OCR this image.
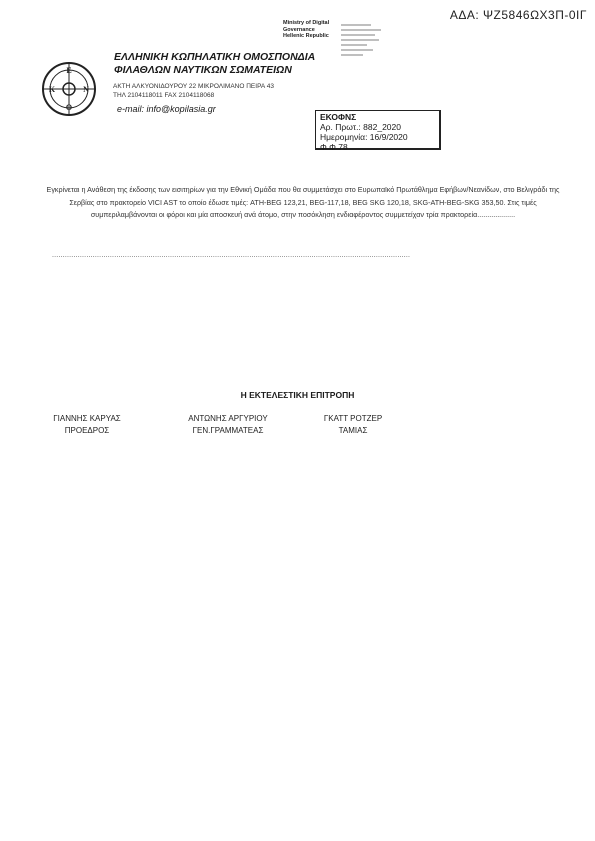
ΑΔΑ: ΨΖ5846ΩΧ3Π-0ΙΓ
Ministry of Digital
Governance
Hellenic Republic
Ε
Κ	Ν
Ο
ΕΛΛΗΝΙΚΗ ΚΩΠΗΛΑΤΙΚΗ ΟΜΟΣΠΟΝΔΙΑ
ΦΙΛΑΘΛΩΝ ΝΑΥΤΙΚΩΝ ΣΩΜΑΤΕΙΩΝ
ΑΚΤΗ ΑΛΚΥΟΝΙΔΟΥΡΟΥ 22 ΜΙΚΡΟΛΙΜΑΝΟ ΠΕΙΡΑ 43
ΤΗΛ 2104118011 FAX 2104118068
e-mail: info@kopilasia.gr
ΕΚΟΦΝΣ
Αρ. Πρωτ.: 882_2020
Ημερομηνία: 16/9/2020
Φ Φ 78
Εγκρίνεται η Ανάθεση της έκδοσης των εισιτηρίων για την Εθνική Ομάδα που θα συμμετάσχει στο Ευρωπαϊκό Πρωτάθλημα Εφήβων/Νεανίδων, στο Βελιγράδι της Σερβίας στο πρακτορείο VICI AST το οποίο έδωσε τιμές: ATH-BEG 123,21, BEG-117,18, BEG SKG 120,18, SKG-ATH-BEG-SKG 353,50. Στις τιμές συμπεριλαμβάνονται οι φόροι και μία αποσκευή ανά άτομο, στην ποσόκληση ενδιαφέροντος συμμετείχαν τρία πρακτορεία...................
.......................................................................................................................................................................
Η ΕΚΤΕΛΕΣΤΙΚΗ ΕΠΙΤΡΟΠΗ
ΓΙΑΝΝΗΣ ΚΑΡΥΑΣ
ΠΡΟΕΔΡΟΣ
ΑΝΤΩΝΗΣ ΑΡΓΥΡΙΟΥ
ΓΕΝ.ΓΡΑΜΜΑΤΕΑΣ
ΓΚΑΤΤ ΡΟΤΖΕΡ
ΤΑΜΙΑΣ
